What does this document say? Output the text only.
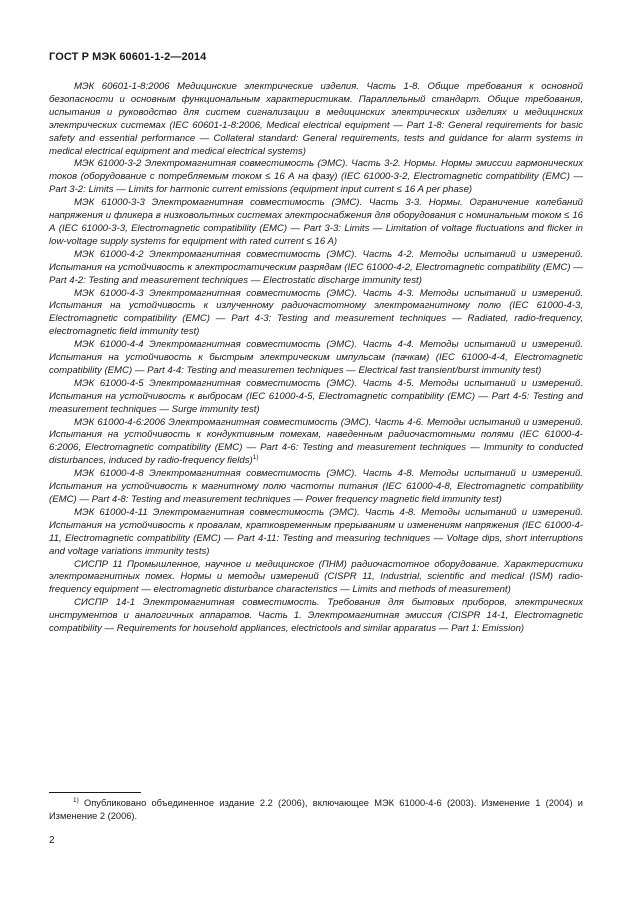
ГОСТ Р МЭК 60601-1-2—2014

МЭК 60601-1-8:2006 Медицинские электрические изделия. Часть 1-8. Общие требования к основной безопасности и основным функциональным характеристикам. Параллельный стандарт. Общие требования, испытания и руководство для систем сигнализации в медицинских электрических изделиях и медицинских электрических системах (IEC 60601-1-8:2006, Medical electrical equipment — Part 1-8: General requirements for basic safety and essential performance — Collateral standard: General requirements, tests and guidance for alarm systems in medical electrical equipment and medical electrical systems)

МЭК 61000-3-2 Электромагнитная совместимость (ЭМС). Часть 3-2. Нормы. Нормы эмиссии гармонических токов (оборудование с потребляемым током ≤ 16 А на фазу) (IEC 61000-3-2, Electromagnetic compatibility (EMC) — Part 3-2: Limits — Limits for harmonic current emissions (equipment input current ≤ 16 A per phase)

МЭК 61000-3-3 Электромагнитная совместимость (ЭМС). Часть 3-3. Нормы. Ограничение колебаний напряжения и фликера в низковольтных системах электроснабжения для оборудования с номинальным током ≤ 16 А (IEC 61000-3-3, Electromagnetic compatibility (EMC) — Part 3-3: Limits — Limitation of voltage fluctuations and flicker in low-voltage supply systems for equipment with rated current ≤ 16 A)

МЭК 61000-4-2 Электромагнитная совместимость (ЭМС). Часть 4-2. Методы испытаний и измерений. Испытания на устойчивость к электростатическим разрядам (IEC 61000-4-2, Electromagnetic compatibility (EMC) — Part 4-2: Testing and measurement techniques — Electrostatic discharge immunity test)

МЭК 61000-4-3 Электромагнитная совместимость (ЭМС). Часть 4-3. Методы испытаний и измерений. Испытания на устойчивость к излученному радиочастотному электромагнитному полю (IEC 61000-4-3, Electromagnetic compatibility (EMC) — Part 4-3: Testing and measurement techniques — Radiated, radio-frequency, electromagnetic field immunity test)

МЭК 61000-4-4 Электромагнитная совместимость (ЭМС). Часть 4-4. Методы испытаний и измерений. Испытания на устойчивость к быстрым электрическим импульсам (пачкам) (IEC 61000-4-4, Electromagnetic compatibility (EMC) — Part 4-4: Testing and measuremen techniques — Electrical fast transient/burst immunity test)

МЭК 61000-4-5 Электромагнитная совместимость (ЭМС). Часть 4-5. Методы испытаний и измерений. Испытания на устойчивость к выбросам (IEC 61000-4-5, Electromagnetic compatibility (EMC) — Part 4-5: Testing and measurement techniques — Surge immunity test)

МЭК 61000-4-6:2006 Электромагнитная совместимость (ЭМС). Часть 4-6. Методы испытаний и измерений. Испытания на устойчивость к кондуктивным помехам, наведенным радиочастотными полями (IEC 61000-4-6:2006, Electromagnetic compatibility (EMC) — Part 4-6: Testing and measurement techniques — Immunity to conducted disturbances, induced by radio-frequency fields)$^{1)}$

МЭК 61000-4-8 Электромагнитная совместимость (ЭМС). Часть 4-8. Методы испытаний и измерений. Испытания на устойчивость к магнитному полю частоты питания (IEC 61000-4-8, Electromagnetic compatibility (EMC) — Part 4-8: Testing and measurement techniques — Power frequency magnetic field immunity test)

МЭК 61000-4-11 Электромагнитная совместимость (ЭМС). Часть 4-8. Методы испытаний и измерений. Испытания на устойчивость к провалам, кратковременным прерываниям и изменениям напряжения (IEC 61000-4-11, Electromagnetic compatibility (EMC) — Part 4-11: Testing and measuring techniques — Voltage dips, short interruptions and voltage variations immunity tests)

СИСПР 11 Промышленное, научное и медицинское (ПНМ) радиочастотное оборудование. Характеристики электромагнитных помех. Нормы и методы измерений (CISPR 11, Industrial, scientific and medical (ISM) radio-frequency equipment — electromagnetic disturbance characteristics — Limits and methods of measurement)

СИСПР 14-1 Электромагнитная совместимость. Требования для бытовых приборов, электрических инструментов и аналогичных аппаратов. Часть 1. Электромагнитная эмиссия (CISPR 14-1, Electromagnetic compatibility — Requirements for household appliances, electrictools and similar apparatus — Part 1: Emission)

$^{1)}$ Опубликовано объединенное издание 2.2 (2006), включающее МЭК 61000-4-6 (2003). Изменение 1 (2004) и Изменение 2 (2006).
2
